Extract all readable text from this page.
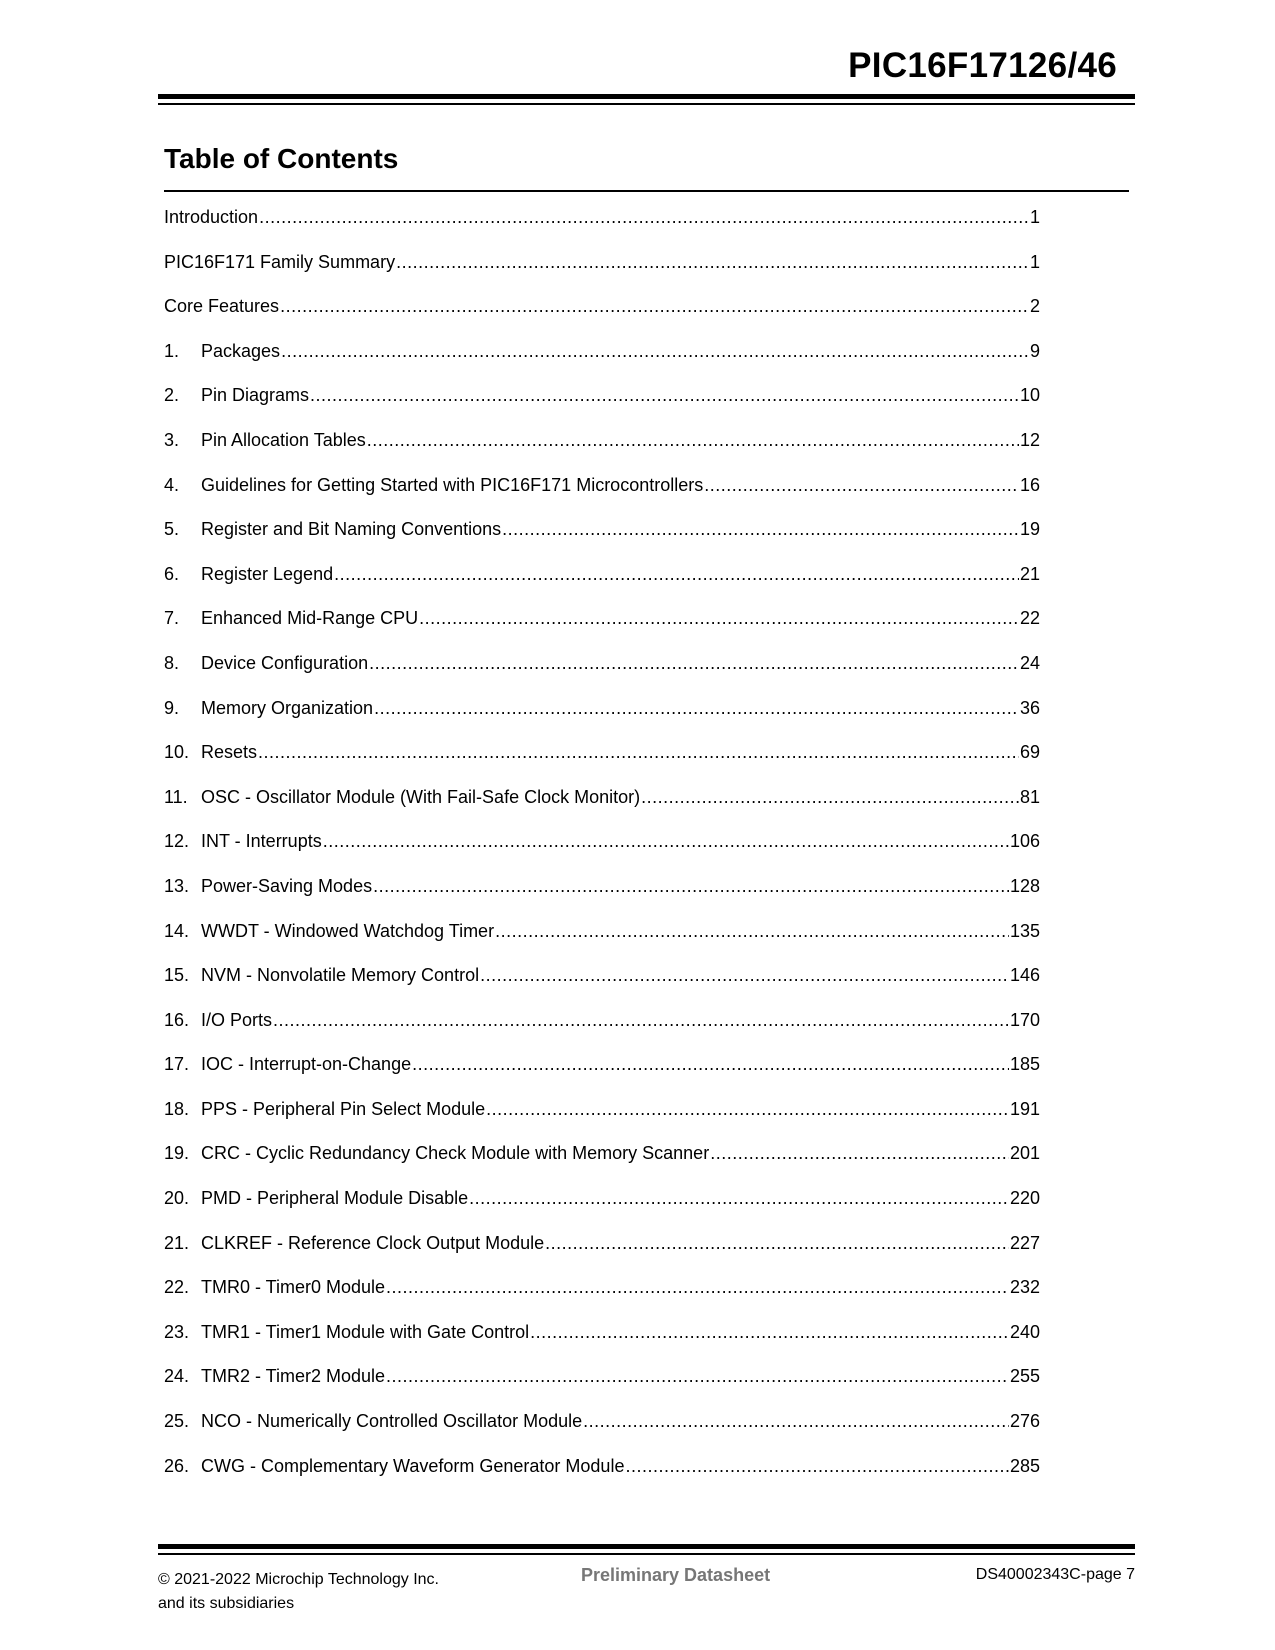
PIC16F17126/46
Table of Contents
Introduction .....	1
PIC16F171 Family Summary .....	1
Core Features .....	2
1.	Packages .....	9
2.	Pin Diagrams .....	10
3.	Pin Allocation Tables .....	12
4.	Guidelines for Getting Started with PIC16F171 Microcontrollers .....	16
5.	Register and Bit Naming Conventions .....	19
6.	Register Legend .....	21
7.	Enhanced Mid-Range CPU .....	22
8.	Device Configuration .....	24
9.	Memory Organization .....	36
10. Resets .....	69
11. OSC - Oscillator Module (With Fail-Safe Clock Monitor) .....	81
12. INT - Interrupts .....	106
13. Power-Saving Modes .....	128
14. WWDT - Windowed Watchdog Timer .....	135
15. NVM - Nonvolatile Memory Control .....	146
16. I/O Ports .....	170
17. IOC - Interrupt-on-Change .....	185
18. PPS - Peripheral Pin Select Module .....	191
19. CRC - Cyclic Redundancy Check Module with Memory Scanner .....	201
20. PMD - Peripheral Module Disable .....	220
21. CLKREF - Reference Clock Output Module .....	227
22. TMR0 - Timer0 Module .....	232
23. TMR1 - Timer1 Module with Gate Control .....	240
24. TMR2 - Timer2 Module .....	255
25. NCO - Numerically Controlled Oscillator Module .....	276
26. CWG - Complementary Waveform Generator Module .....	285
© 2021-2022 Microchip Technology Inc.
and its subsidiaries
Preliminary Datasheet	DS40002343C-page 7
